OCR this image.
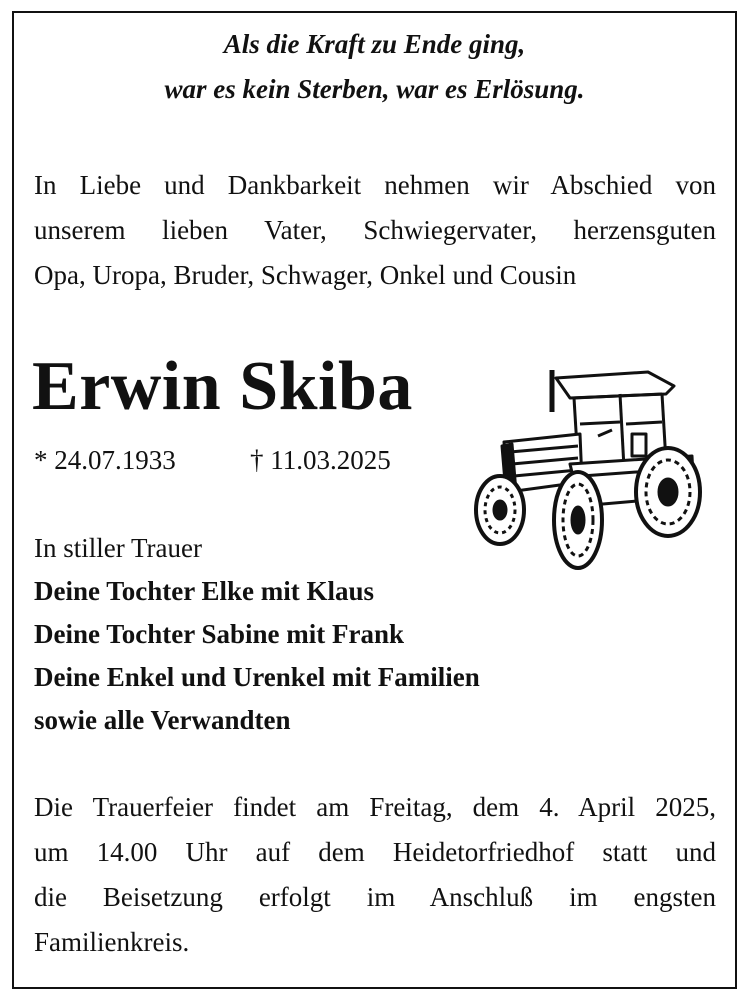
Als die Kraft zu Ende ging,
war es kein Sterben, war es Erlösung.
In Liebe und Dankbarkeit nehmen wir Abschied von
unserem lieben Vater, Schwiegervater, herzensguten
Opa, Uropa, Bruder, Schwager, Onkel und Cousin
Erwin Skiba
* 24.07.1933	† 11.03.2025
In stiller Trauer
Deine Tochter Elke mit Klaus
Deine Tochter Sabine mit Frank
Deine Enkel und Urenkel mit Familien
sowie alle Verwandten
Die Trauerfeier findet am Freitag, dem 4. April 2025,
um 14.00 Uhr auf dem Heidetorfriedhof statt und
die Beisetzung erfolgt im Anschluß im engsten
Familienkreis.
